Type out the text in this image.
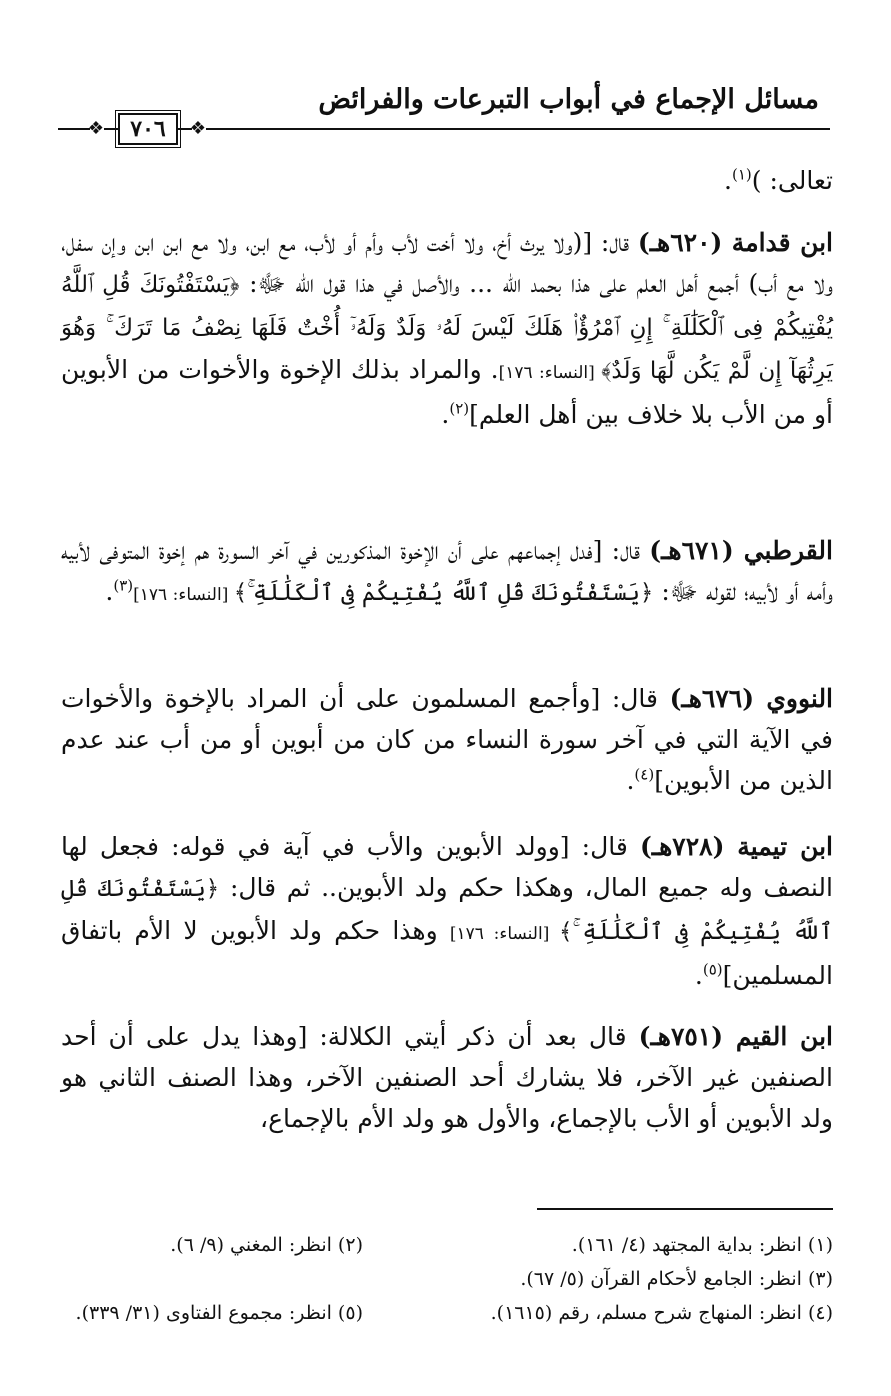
مسائل الإجماع في أبواب التبرعات والفرائض
❖
٧٠٦
❖
تعالى: )$^{(١)}$.
ابن قدامة (٦٢٠هـ) قال: [(ولا يرث أخ، ولا أخت لأب وأم أو لأب، مع ابن، ولا مع ابن ابن وإن سفل، ولا مع أب) أجمع أهل العلم على هذا بحمد الله ... والأصل في هذا قول الله ﷻ: ﴿يَسْتَفْتُونَكَ قُلِ ٱللَّهُ يُفْتِيكُمْ فِى ٱلْكَلَٰلَةِ ۚ إِنِ ٱمْرُؤٌا۟ هَلَكَ لَيْسَ لَهُۥ وَلَدٌ وَلَهُۥٓ أُخْتٌ فَلَهَا نِصْفُ مَا تَرَكَ ۚ وَهُوَ يَرِثُهَآ إِن لَّمْ يَكُن لَّهَا وَلَدٌ﴾ [النساء: ١٧٦]. والمراد بذلك الإخوة والأخوات من الأبوين أو من الأب بلا خلاف بين أهل العلم]$^{(٢)}$.
القرطبي (٦٧١هـ) قال: [فدل إجماعهم على أن الإخوة المذكورين في آخر السورة هم إخوة المتوفى لأبيه وأمه أو لأبيه؛ لقوله ﷻ: ﴿يَسْتَفْتُونَكَ قُلِ ٱللَّهُ يُفْتِيكُمْ فِى ٱلْكَلَٰلَةِ ۚ﴾ [النساء: ١٧٦]$^{(٣)}$.
النووي (٦٧٦هـ) قال: [وأجمع المسلمون على أن المراد بالإخوة والأخوات في الآية التي في آخر سورة النساء من كان من أبوين أو من أب عند عدم الذين من الأبوين]$^{(٤)}$.
ابن تيمية (٧٢٨هـ) قال: [وولد الأبوين والأب في آية في قوله: فجعل لها النصف وله جميع المال، وهكذا حكم ولد الأبوين.. ثم قال: ﴿يَسْتَفْتُونَكَ قُلِ ٱللَّهُ يُفْتِيكُمْ فِى ٱلْكَلَٰلَةِ ۚ﴾ [النساء: ١٧٦] وهذا حكم ولد الأبوين لا الأم باتفاق المسلمين]$^{(٥)}$.
ابن القيم (٧٥١هـ) قال بعد أن ذكر أيتي الكلالة: [وهذا يدل على أن أحد الصنفين غير الآخر، فلا يشارك أحد الصنفين الآخر، وهذا الصنف الثاني هو ولد الأبوين أو الأب بالإجماع، والأول هو ولد الأم بالإجماع،
(١) انظر: بداية المجتهد (٤/ ١٦١).
(٢) انظر: المغني (٩/ ٦).
(٣) انظر: الجامع لأحكام القرآن (٥/ ٦٧).
(٤) انظر: المنهاج شرح مسلم، رقم (١٦١٥).
(٥) انظر: مجموع الفتاوى (٣١/ ٣٣٩).
